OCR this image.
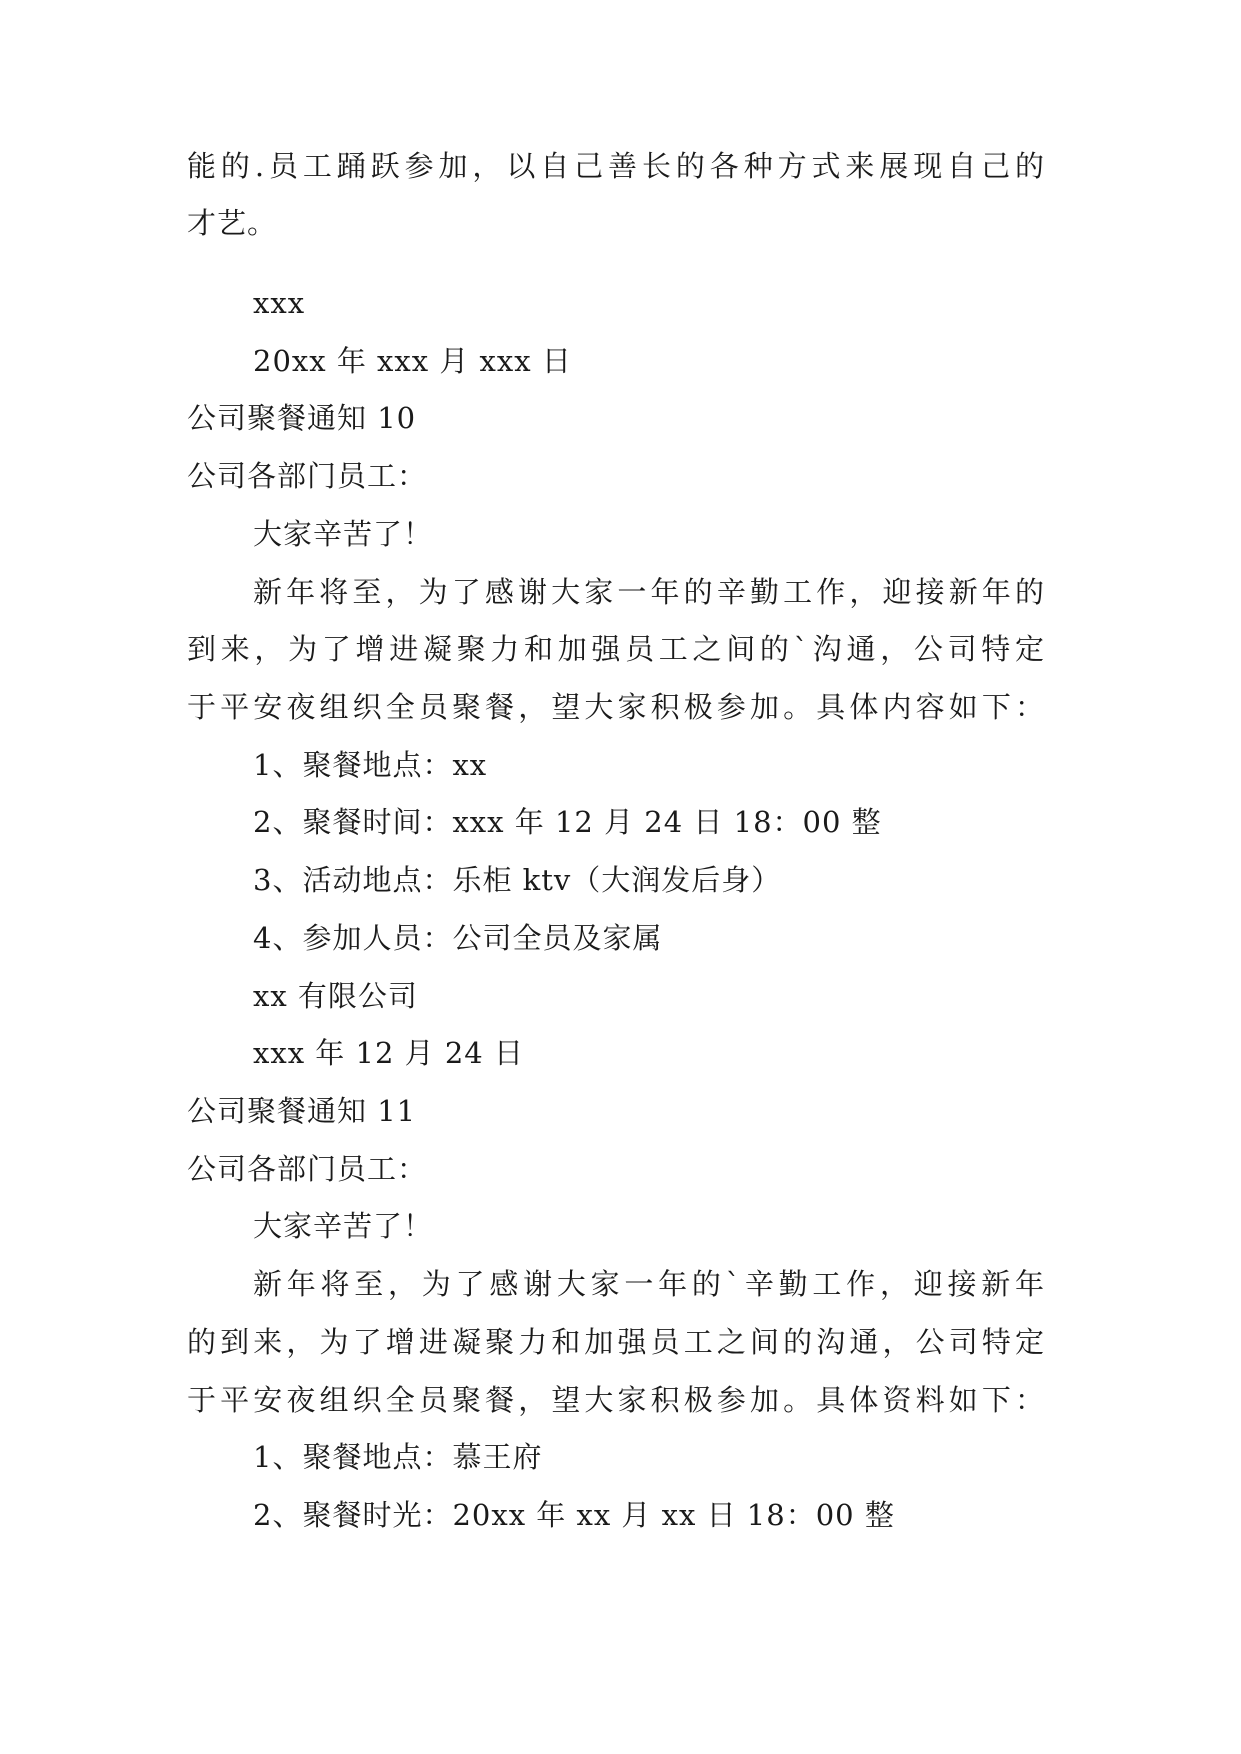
能的.员工踊跃参加，以自己善长的各种方式来展现自己的
才艺。
xxx
20xx 年 xxx 月 xxx 日
公司聚餐通知 10
公司各部门员工：
大家辛苦了！
新年将至，为了感谢大家一年的辛勤工作，迎接新年的
到来，为了增进凝聚力和加强员工之间的`沟通，公司特定
于平安夜组织全员聚餐，望大家积极参加。具体内容如下：
1、聚餐地点：xx
2、聚餐时间：xxx 年 12 月 24 日 18：00 整
3、活动地点：乐柜 ktv（大润发后身）
4、参加人员：公司全员及家属
xx 有限公司
xxx 年 12 月 24 日
公司聚餐通知 11
公司各部门员工：
大家辛苦了！
新年将至，为了感谢大家一年的`辛勤工作，迎接新年
的到来，为了增进凝聚力和加强员工之间的沟通，公司特定
于平安夜组织全员聚餐，望大家积极参加。具体资料如下：
1、聚餐地点：慕王府
2、聚餐时光：20xx 年 xx 月 xx 日 18：00 整
